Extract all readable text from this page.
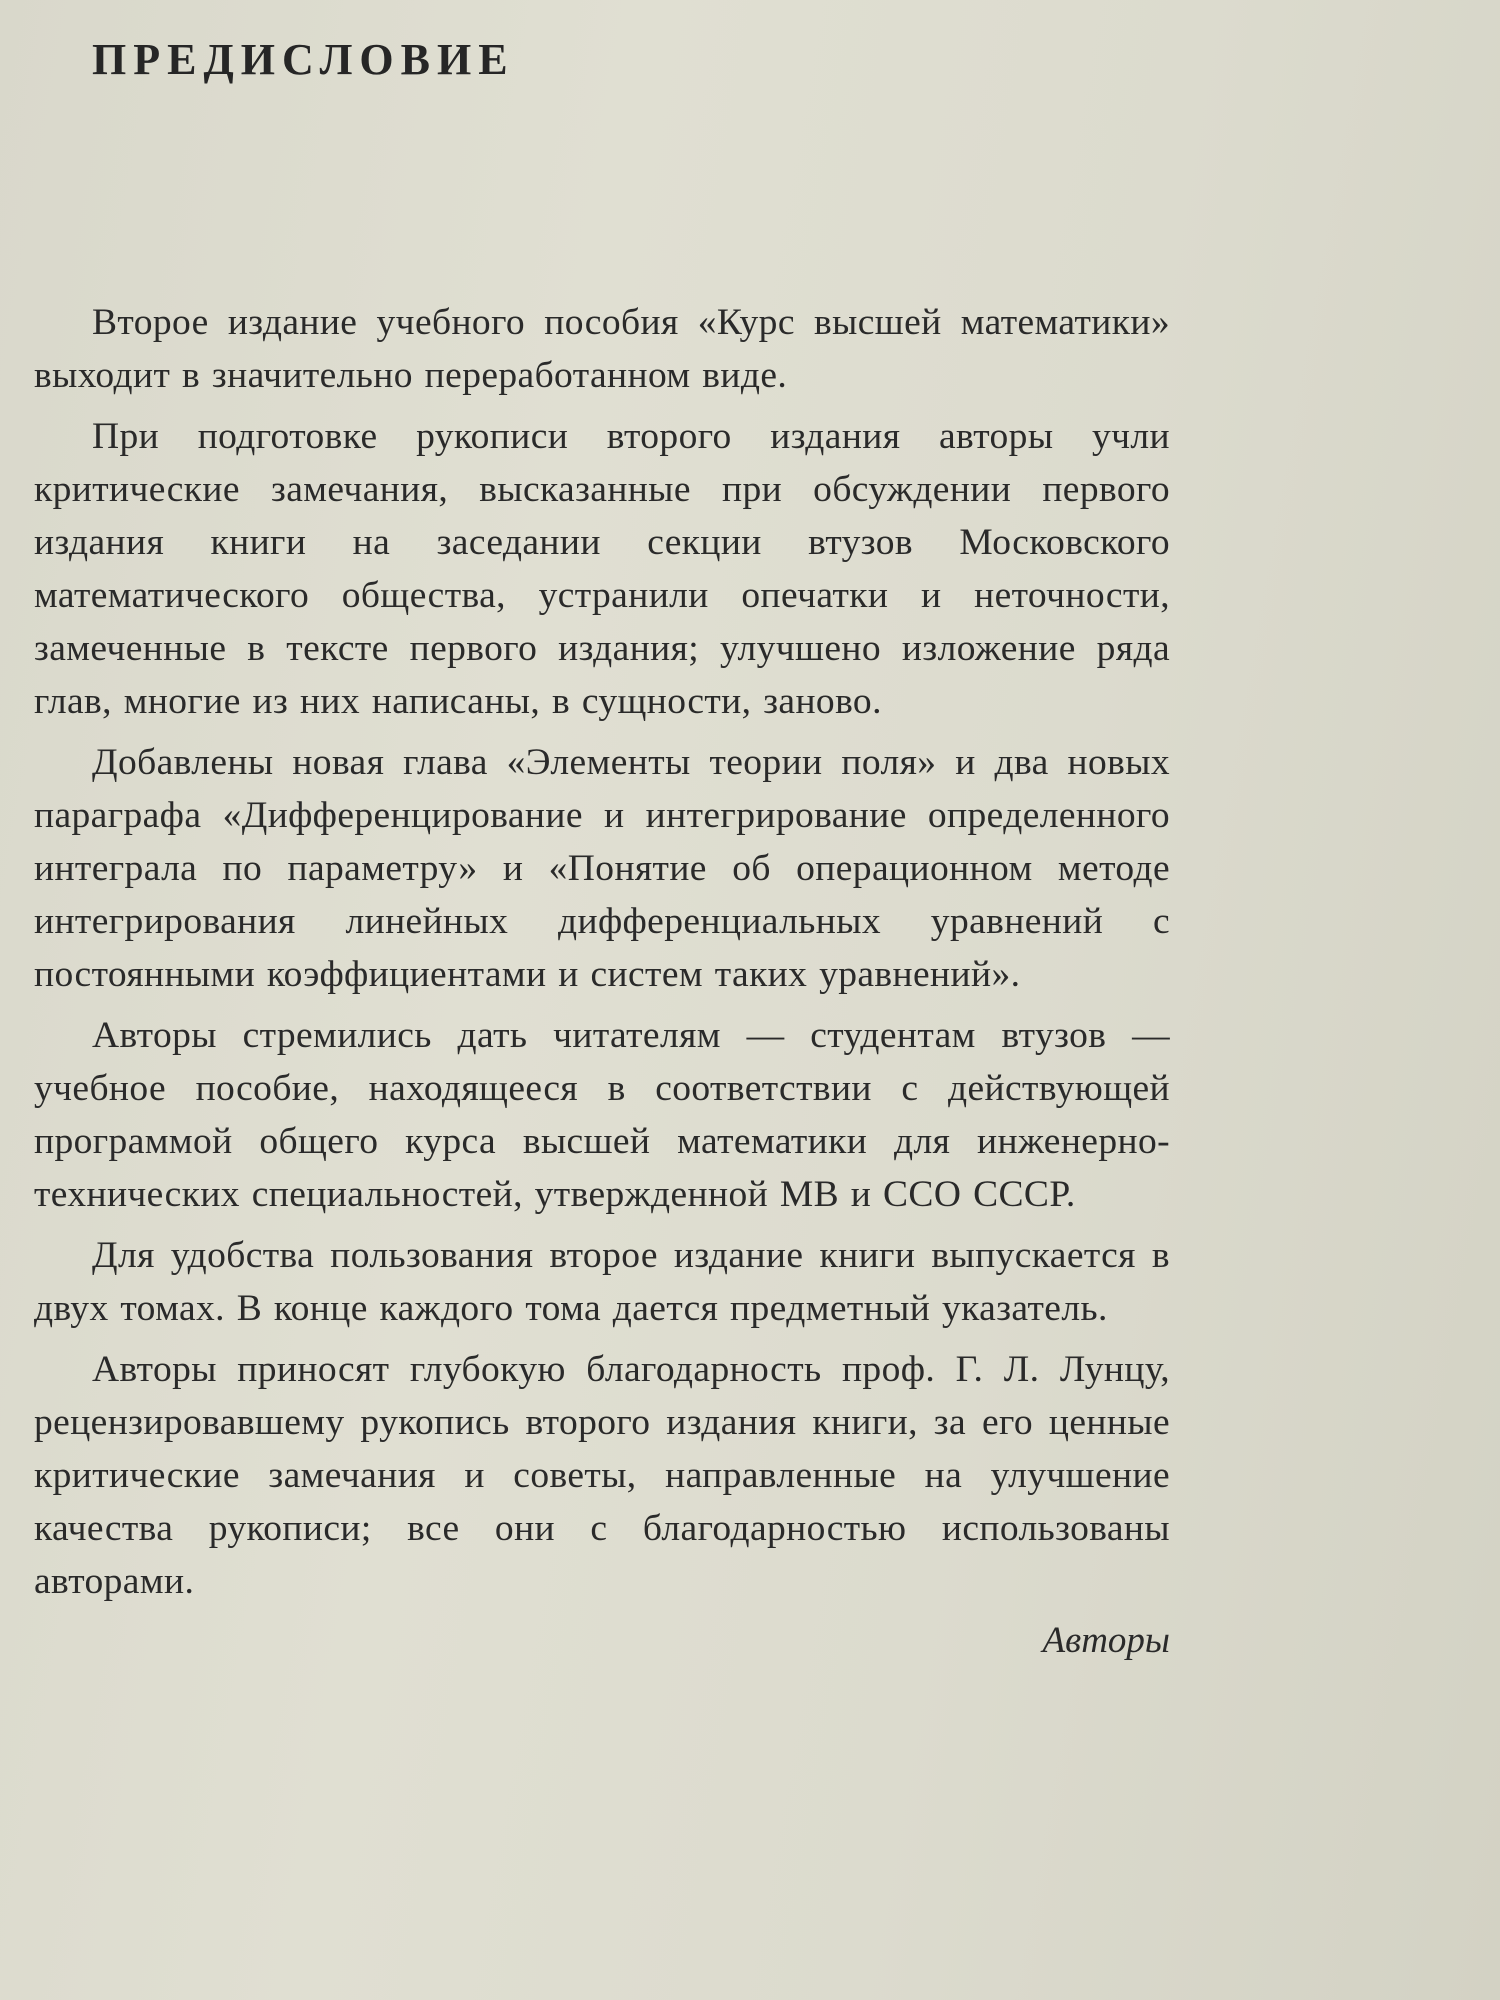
ПРЕДИСЛОВИЕ

Второе издание учебного пособия «Курс высшей математики» выходит в значительно переработанном виде.

При подготовке рукописи второго издания авторы учли критические замечания, высказанные при обсуждении первого издания книги на заседании секции втузов Московского математического общества, устранили опечатки и неточности, замеченные в тексте первого издания; улучшено изложение ряда глав, многие из них написаны, в сущности, заново.

Добавлены новая глава «Элементы теории поля» и два новых параграфа «Дифференцирование и интегрирование определенного интеграла по параметру» и «Понятие об операционном методе интегрирования линейных дифференциальных уравнений с постоянными коэффициентами и систем таких уравнений».

Авторы стремились дать читателям — студентам втузов — учебное пособие, находящееся в соответствии с действующей программой общего курса высшей математики для инженерно-технических специальностей, утвержденной МВ и ССО СССР.

Для удобства пользования второе издание книги выпускается в двух томах. В конце каждого тома дается предметный указатель.

Авторы приносят глубокую благодарность проф. Г. Л. Лунцу, рецензировавшему рукопись второго издания книги, за его ценные критические замечания и советы, направленные на улучшение качества рукописи; все они с благодарностью использованы авторами.

Авторы
